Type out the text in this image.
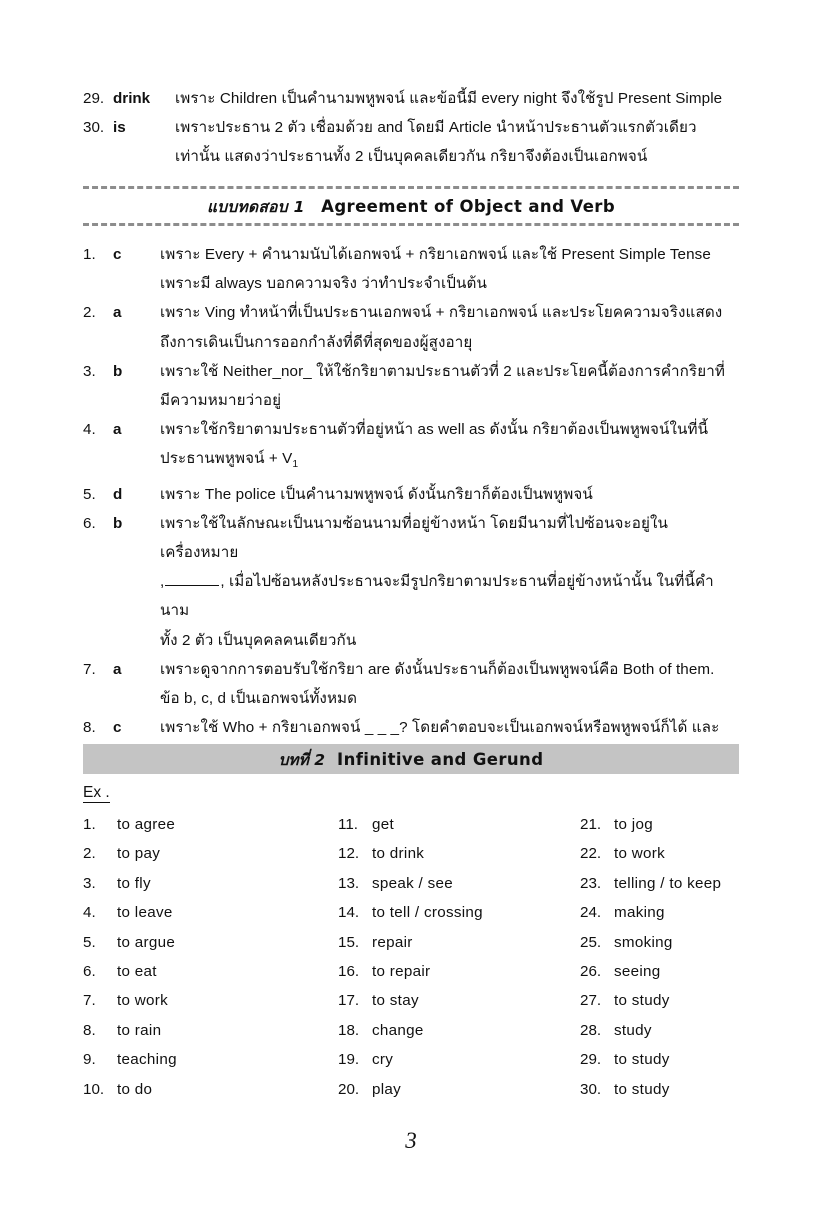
29. drink	เพราะ Children เป็นคำนามพหูพจน์ และข้อนี้มี every night จึงใช้รูป Present Simple
30. is	เพราะประธาน 2 ตัว เชื่อมด้วย and โดยมี Article นำหน้าประธานตัวแรกตัวเดียว
เท่านั้น แสดงว่าประธานทั้ง 2 เป็นบุคคลเดียวกัน กริยาจึงต้องเป็นเอกพจน์
แบบทดสอบ 1 Agreement of Object and Verb
1.	c	เพราะ Every + คำนามนับได้เอกพจน์ + กริยาเอกพจน์ และใช้ Present Simple Tense
เพราะมี always บอกความจริง ว่าทำประจำเป็นต้น
2.	a	เพราะ Ving ทำหน้าที่เป็นประธานเอกพจน์ + กริยาเอกพจน์ และประโยคความจริงแสดง
ถึงการเดินเป็นการออกกำลังที่ดีที่สุดของผู้สูงอายุ
3.	b	เพราะใช้ Neither_nor_ ให้ใช้กริยาตามประธานตัวที่ 2 และประโยคนี้ต้องการคำกริยาที่
มีความหมายว่าอยู่
4.	a	เพราะใช้กริยาตามประธานตัวที่อยู่หน้า as well as ดังนั้น กริยาต้องเป็นพหูพจน์ในที่นี้
ประธานพหูพจน์ + $V_1$
5.	d	เพราะ The police เป็นคำนามพหูพจน์ ดังนั้นกริยาก็ต้องเป็นพหูพจน์
6.	b	เพราะใช้ในลักษณะเป็นนามซ้อนนามที่อยู่ข้างหน้า โดยมีนามที่ไปซ้อนจะอยู่ในเครื่องหมาย
,	, เมื่อไปซ้อนหลังประธานจะมีรูปกริยาตามประธานที่อยู่ข้างหน้านั้น ในที่นี้คำนาม
ทั้ง 2 ตัว เป็นบุคคลคนเดียวกัน
7.	a	เพราะดูจากการตอบรับใช้กริยา are ดังนั้นประธานก็ต้องเป็นพหูพจน์คือ Both of them.
ข้อ b, c, d เป็นเอกพจน์ทั้งหมด
8.	c	เพราะใช้ Who + กริยาเอกพจน์ _ _ _? โดยคำตอบจะเป็นเอกพจน์หรือพหูพจน์ก็ได้ และ
บทที่ 2 Infinitive and Gerund
Ex .
1.	to agree
2.	to pay
3.	to fly
4.	to leave
5.	to argue
6.	to eat
7.	to work
8.	to rain
9.	teaching
10. to do
11. get
12. to drink
13. speak / see
14. to tell / crossing
15. repair
16. to repair
17. to stay
18. change
19. cry
20. play
21. to jog
22. to work
23. telling / to keep
24. making
25. smoking
26. seeing
27. to study
28. study
29. to study
30. to study
3
